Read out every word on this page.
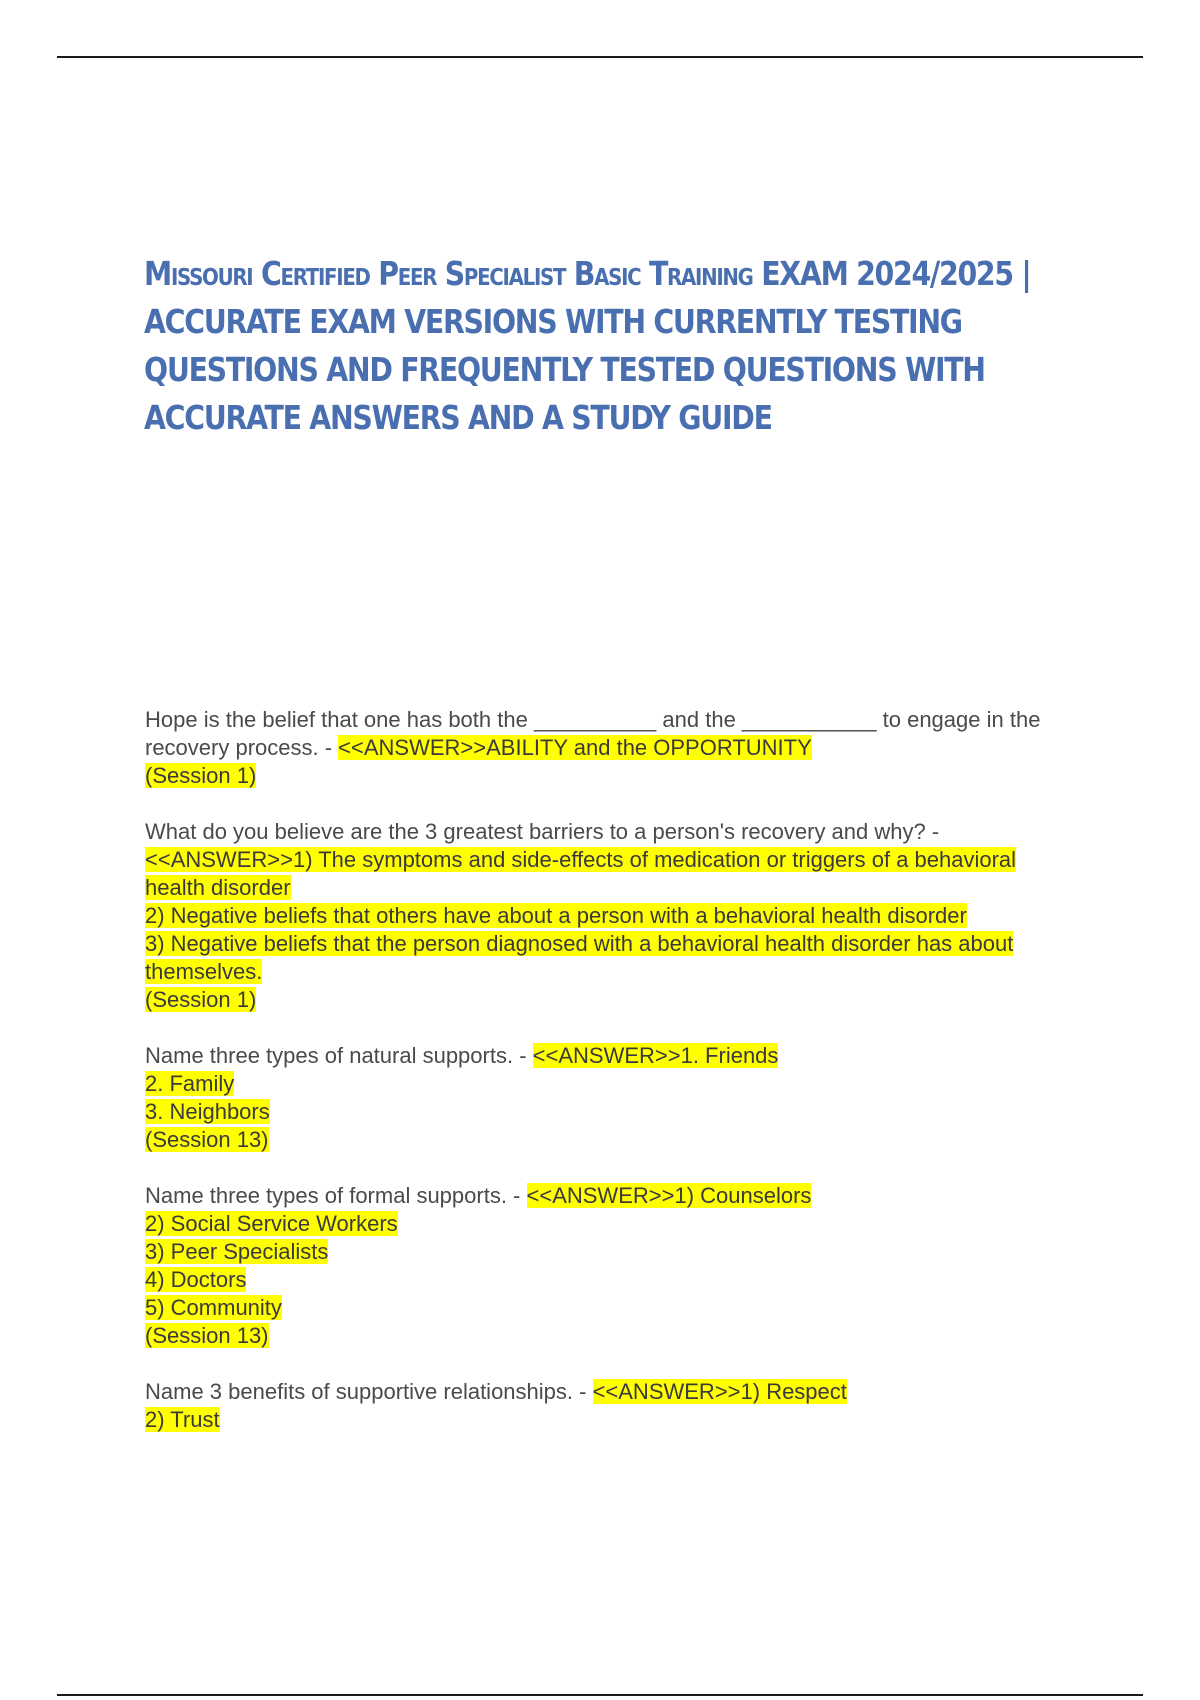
Missouri Certified Peer Specialist Basic Training EXAM 2024/2025 | ACCURATE EXAM VERSIONS WITH CURRENTLY TESTING QUESTIONS AND FREQUENTLY TESTED QUESTIONS WITH ACCURATE ANSWERS AND A STUDY GUIDE
Hope is the belief that one has both the __________ and the ___________ to engage in the recovery process. - <<ANSWER>>ABILITY and the OPPORTUNITY
(Session 1)
What do you believe are the 3 greatest barriers to a person's recovery and why? - <<ANSWER>>1) The symptoms and side-effects of medication or triggers of a behavioral health disorder
2) Negative beliefs that others have about a person with a behavioral health disorder
3) Negative beliefs that the person diagnosed with a behavioral health disorder has about themselves.
(Session 1)
Name three types of natural supports. - <<ANSWER>>1. Friends
2. Family
3. Neighbors
(Session 13)
Name three types of formal supports. - <<ANSWER>>1) Counselors
2) Social Service Workers
3) Peer Specialists
4) Doctors
5) Community
(Session 13)
Name 3 benefits of supportive relationships. - <<ANSWER>>1) Respect
2) Trust
